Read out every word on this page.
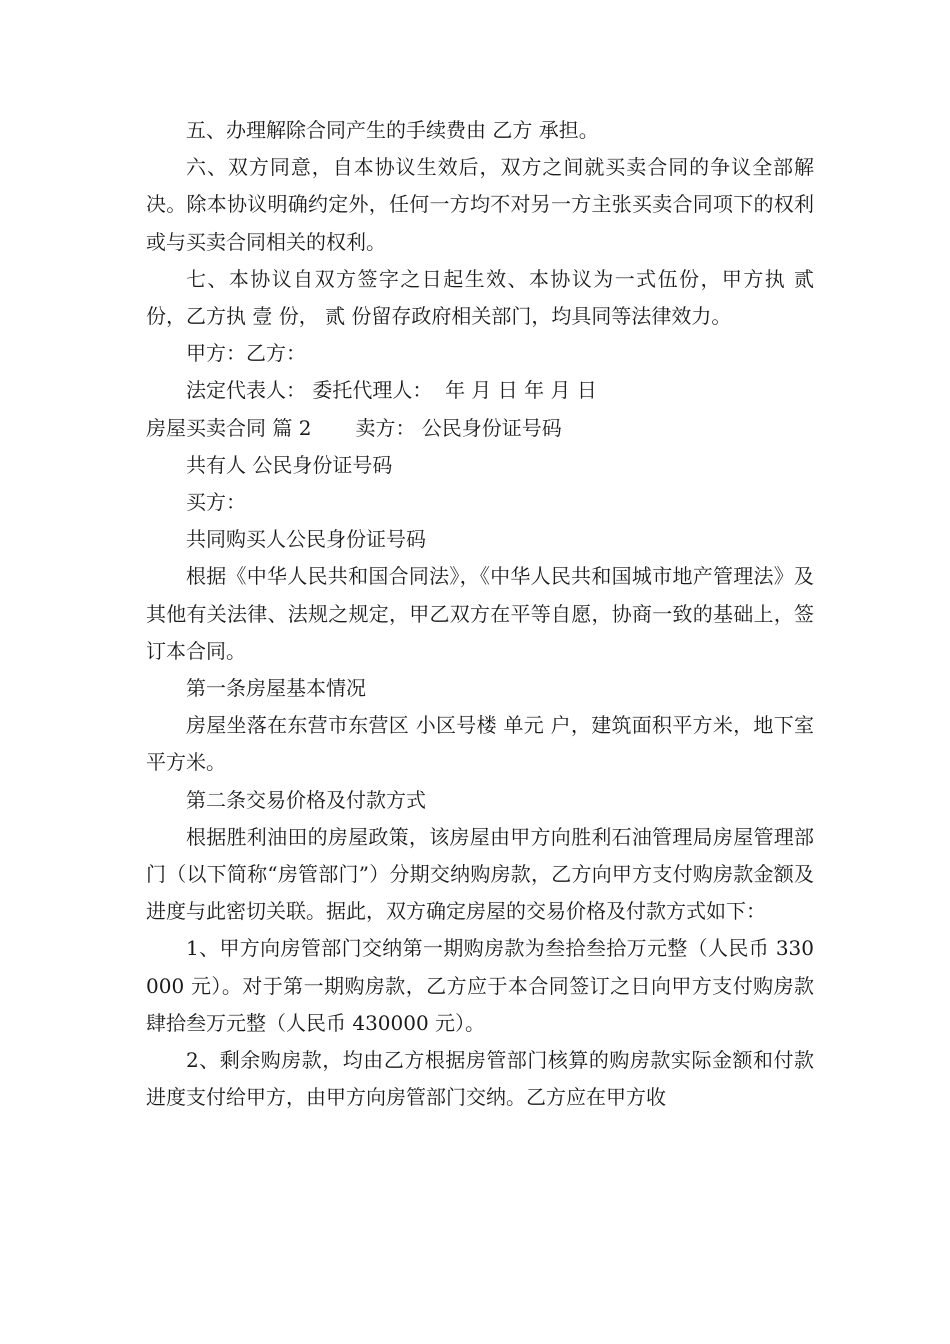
五、办理解除合同产生的手续费由 乙方 承担。

六、双方同意，自本协议生效后，双方之间就买卖合同的争议全部解决。除本协议明确约定外，任何一方均不对另一方主张买卖合同项下的权利或与买卖合同相关的权利。

七、本协议自双方签字之日起生效、本协议为一式伍份，甲方执 贰 份，乙方执 壹 份， 贰 份留存政府相关部门，均具同等法律效力。

甲方：乙方：

法定代表人： 委托代理人：  年 月 日 年 月 日

房屋买卖合同 篇 2 卖方： 公民身份证号码

共有人 公民身份证号码

买方：

共同购买人公民身份证号码

根据《中华人民共和国合同法》，《中华人民共和国城市地产管理法》及其他有关法律、法规之规定，甲乙双方在平等自愿，协商一致的基础上，签订本合同。

第一条房屋基本情况

房屋坐落在东营市东营区 小区号楼 单元 户，建筑面积平方米，地下室 平方米。

第二条交易价格及付款方式

根据胜利油田的房屋政策，该房屋由甲方向胜利石油管理局房屋管理部门（以下简称“房管部门”）分期交纳购房款，乙方向甲方支付购房款金额及进度与此密切关联。据此，双方确定房屋的交易价格及付款方式如下：

1、甲方向房管部门交纳第一期购房款为叁拾叁拾万元整（人民币 330000 元）。对于第一期购房款，乙方应于本合同签订之日向甲方支付购房款肆拾叁万元整（人民币 430000 元）。

2、剩余购房款，均由乙方根据房管部门核算的购房款实际金额和付款进度支付给甲方，由甲方向房管部门交纳。乙方应在甲方收
